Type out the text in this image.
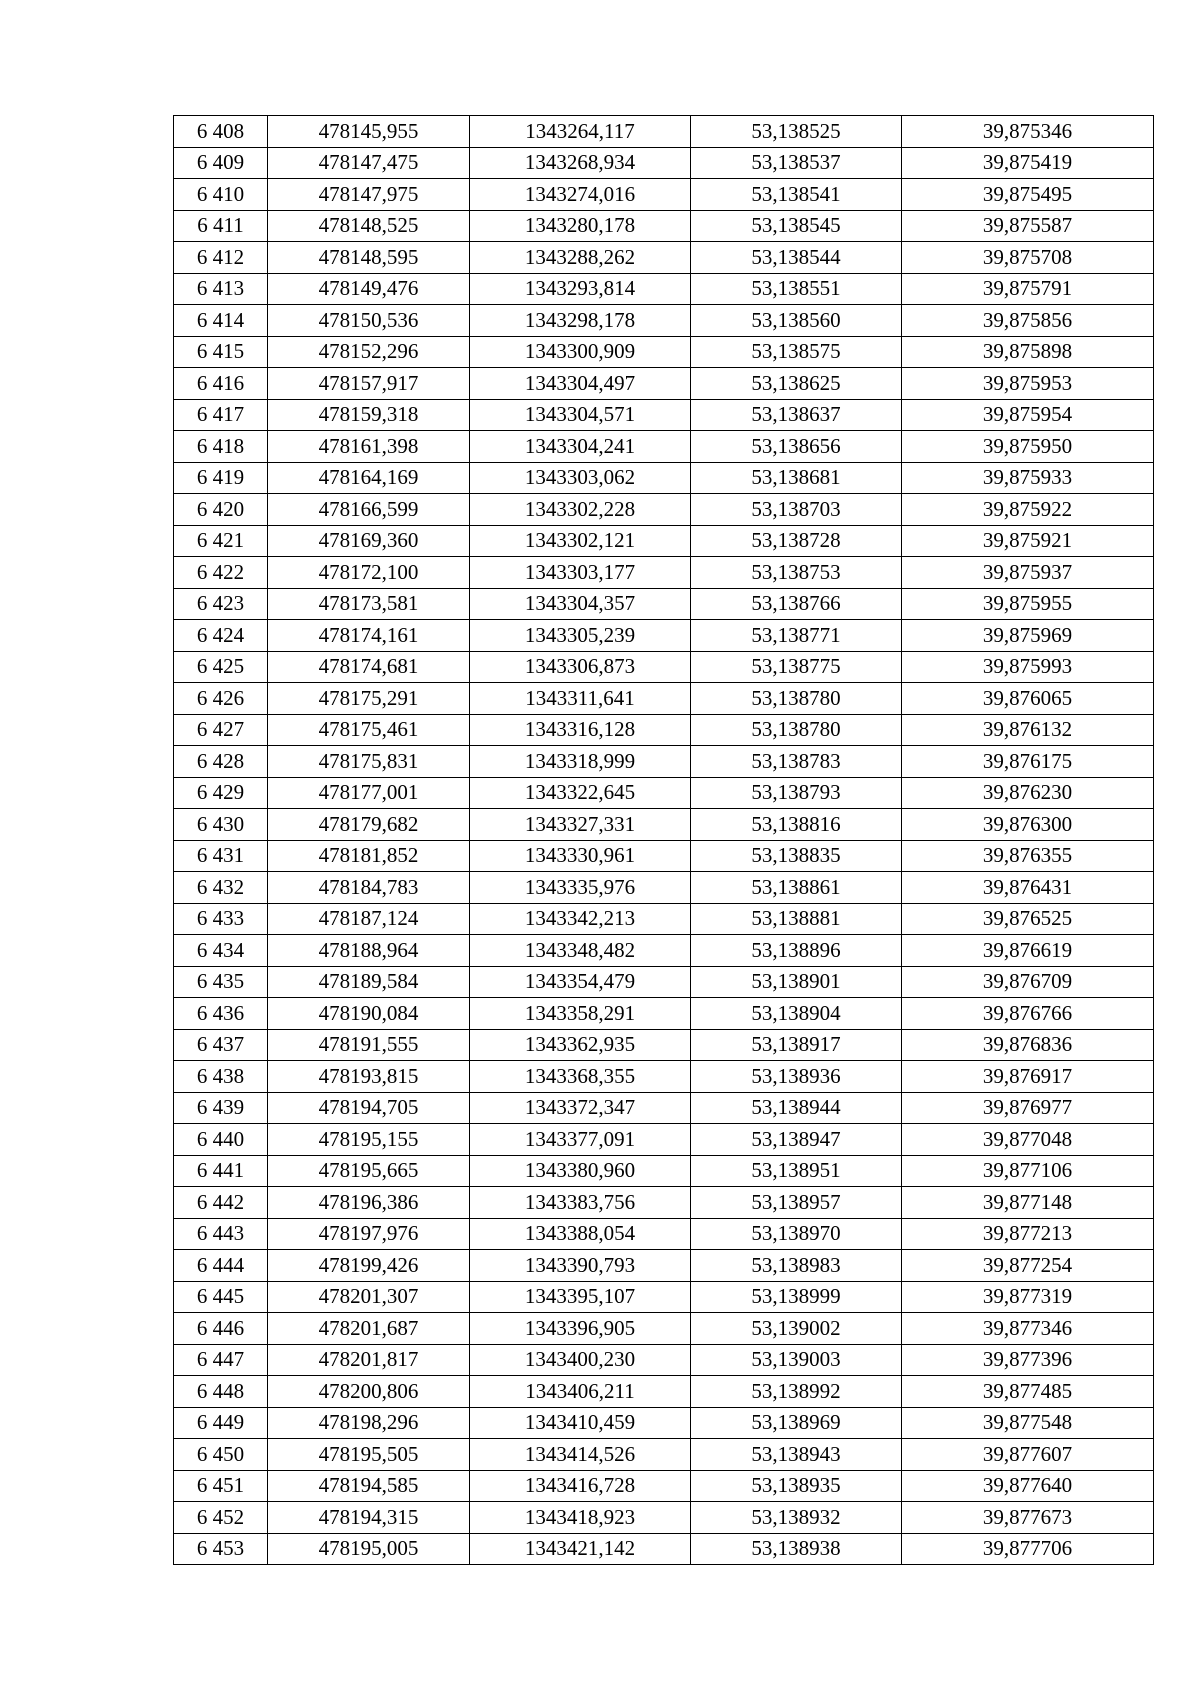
6 408	478145,955	1343264,117	53,138525	39,875346
6 409	478147,475	1343268,934	53,138537	39,875419
6 410	478147,975	1343274,016	53,138541	39,875495
6 411	478148,525	1343280,178	53,138545	39,875587
6 412	478148,595	1343288,262	53,138544	39,875708
6 413	478149,476	1343293,814	53,138551	39,875791
6 414	478150,536	1343298,178	53,138560	39,875856
6 415	478152,296	1343300,909	53,138575	39,875898
6 416	478157,917	1343304,497	53,138625	39,875953
6 417	478159,318	1343304,571	53,138637	39,875954
6 418	478161,398	1343304,241	53,138656	39,875950
6 419	478164,169	1343303,062	53,138681	39,875933
6 420	478166,599	1343302,228	53,138703	39,875922
6 421	478169,360	1343302,121	53,138728	39,875921
6 422	478172,100	1343303,177	53,138753	39,875937
6 423	478173,581	1343304,357	53,138766	39,875955
6 424	478174,161	1343305,239	53,138771	39,875969
6 425	478174,681	1343306,873	53,138775	39,875993
6 426	478175,291	1343311,641	53,138780	39,876065
6 427	478175,461	1343316,128	53,138780	39,876132
6 428	478175,831	1343318,999	53,138783	39,876175
6 429	478177,001	1343322,645	53,138793	39,876230
6 430	478179,682	1343327,331	53,138816	39,876300
6 431	478181,852	1343330,961	53,138835	39,876355
6 432	478184,783	1343335,976	53,138861	39,876431
6 433	478187,124	1343342,213	53,138881	39,876525
6 434	478188,964	1343348,482	53,138896	39,876619
6 435	478189,584	1343354,479	53,138901	39,876709
6 436	478190,084	1343358,291	53,138904	39,876766
6 437	478191,555	1343362,935	53,138917	39,876836
6 438	478193,815	1343368,355	53,138936	39,876917
6 439	478194,705	1343372,347	53,138944	39,876977
6 440	478195,155	1343377,091	53,138947	39,877048
6 441	478195,665	1343380,960	53,138951	39,877106
6 442	478196,386	1343383,756	53,138957	39,877148
6 443	478197,976	1343388,054	53,138970	39,877213
6 444	478199,426	1343390,793	53,138983	39,877254
6 445	478201,307	1343395,107	53,138999	39,877319
6 446	478201,687	1343396,905	53,139002	39,877346
6 447	478201,817	1343400,230	53,139003	39,877396
6 448	478200,806	1343406,211	53,138992	39,877485
6 449	478198,296	1343410,459	53,138969	39,877548
6 450	478195,505	1343414,526	53,138943	39,877607
6 451	478194,585	1343416,728	53,138935	39,877640
6 452	478194,315	1343418,923	53,138932	39,877673
6 453	478195,005	1343421,142	53,138938	39,877706
